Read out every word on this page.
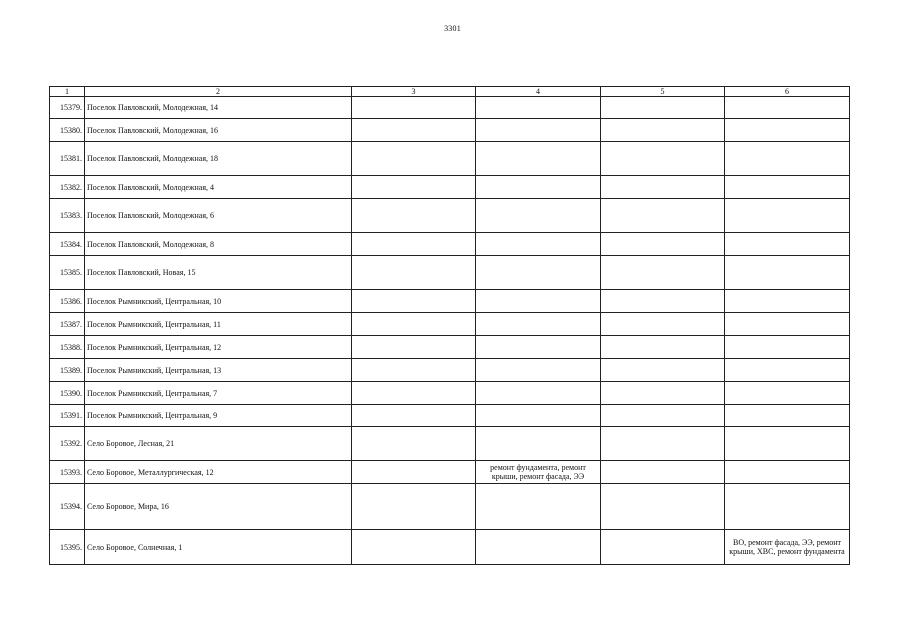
3301
1	2	3	4	5	6
15379.	Поселок Павловский, Молодежная, 14				
15380.	Поселок Павловский, Молодежная, 16				
15381.	Поселок Павловский, Молодежная, 18				
15382.	Поселок Павловский, Молодежная, 4				
15383.	Поселок Павловский, Молодежная, 6				
15384.	Поселок Павловский, Молодежная, 8				
15385.	Поселок Павловский, Новая, 15				
15386.	Поселок Рымникский, Центральная, 10				
15387.	Поселок Рымникский, Центральная, 11				
15388.	Поселок Рымникский, Центральная, 12				
15389.	Поселок Рымникский, Центральная, 13				
15390.	Поселок Рымникский, Центральная, 7				
15391.	Поселок Рымникский, Центральная, 9				
15392.	Село Боровое, Лесная, 21				
15393.	Село Боровое, Металлургическая, 12		ремонт фундамента, ремонт крыши, ремонт фасада, ЭЭ		
15394.	Село Боровое, Мира, 16				
15395.	Село Боровое, Солнечная, 1				ВО, ремонт фасада, ЭЭ, ремонт крыши, ХВС, ремонт фундамента
